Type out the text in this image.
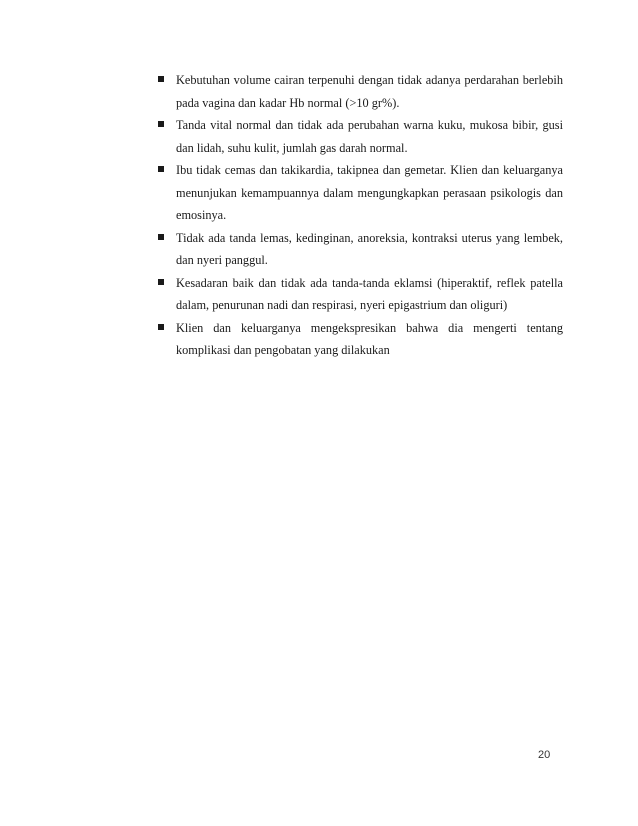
Kebutuhan volume cairan terpenuhi dengan tidak adanya perdarahan berlebih pada vagina dan kadar Hb normal (>10 gr%).
Tanda vital normal dan tidak ada perubahan warna kuku, mukosa bibir, gusi dan lidah, suhu kulit, jumlah gas darah normal.
Ibu tidak cemas dan takikardia, takipnea dan gemetar. Klien dan keluarganya menunjukan kemampuannya dalam mengungkapkan perasaan psikologis dan emosinya.
Tidak ada tanda lemas, kedinginan, anoreksia, kontraksi uterus yang lembek, dan nyeri panggul.
Kesadaran baik dan tidak ada tanda-tanda eklamsi (hiperaktif, reflek patella dalam, penurunan nadi dan respirasi, nyeri epigastrium dan oliguri)
Klien dan keluarganya mengekspresikan bahwa dia mengerti tentang komplikasi dan pengobatan yang dilakukan
20
